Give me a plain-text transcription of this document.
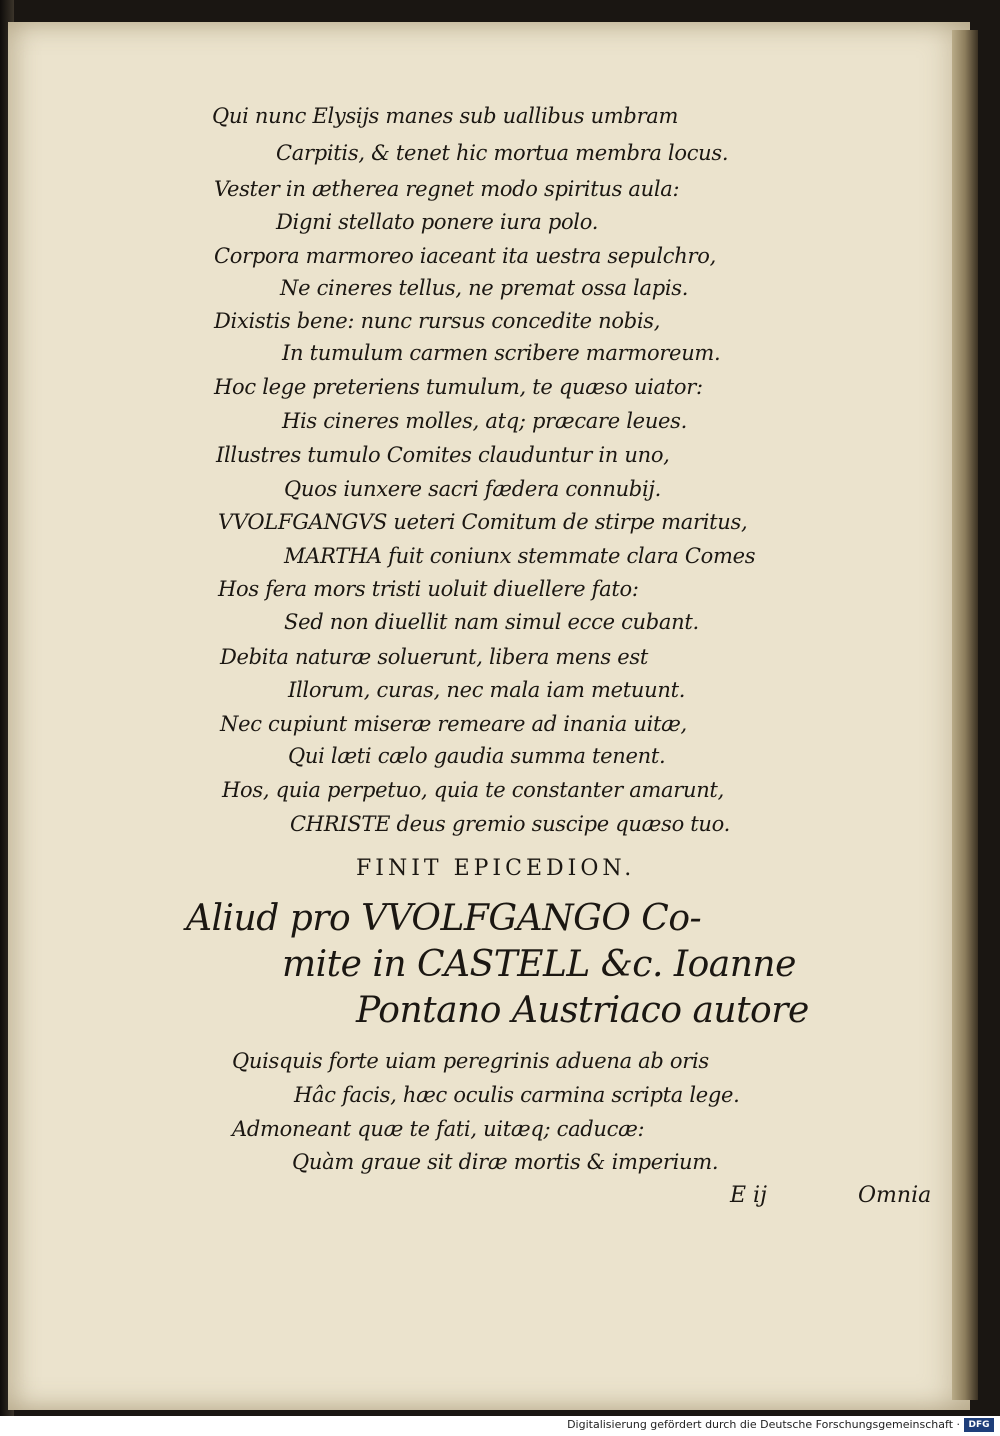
Qui nunc Elysijs manes sub uallibus umbram
Carpitis, & tenet hic mortua membra locus.
Vester in ætherea regnet modo spiritus aula:
Digni stellato ponere iura polo.
Corpora marmoreo iaceant ita uestra sepulchro,
Ne cineres tellus, ne premat ossa lapis.
Dixistis bene: nunc rursus concedite nobis,
In tumulum carmen scribere marmoreum.
Hoc lege preteriens tumulum, te quæso uiator:
His cineres molles, atq; præcare leues.
Illustres tumulo Comites clauduntur in uno,
Quos iunxere sacri fædera connubij.
VVOLFGANGVS ueteri Comitum de stirpe maritus,
MARTHA fuit coniunx stemmate clara Comes
Hos fera mors tristi uoluit diuellere fato:
Sed non diuellit nam simul ecce cubant.
Debita naturæ soluerunt, libera mens est
Illorum, curas, nec mala iam metuunt.
Nec cupiunt miseræ remeare ad inania uitæ,
Qui læti cælo gaudia summa tenent.
Hos, quia perpetuo, quia te constanter amarunt,
CHRISTE deus gremio suscipe quæso tuo.
FINIT EPICEDION.
Aliud pro VVOLFGANGO Co-
mite in CASTELL &c. Ioanne
Pontano Austriaco autore
Quisquis forte uiam peregrinis aduena ab oris
Hâc facis, hæc oculis carmina scripta lege.
Admoneant quæ te fati, uitæq; caducæ:
Quàm graue sit diræ mortis & imperium.
E ij	Omnia
Digitalisierung gefördert durch die Deutsche Forschungsgemeinschaft · DFG
